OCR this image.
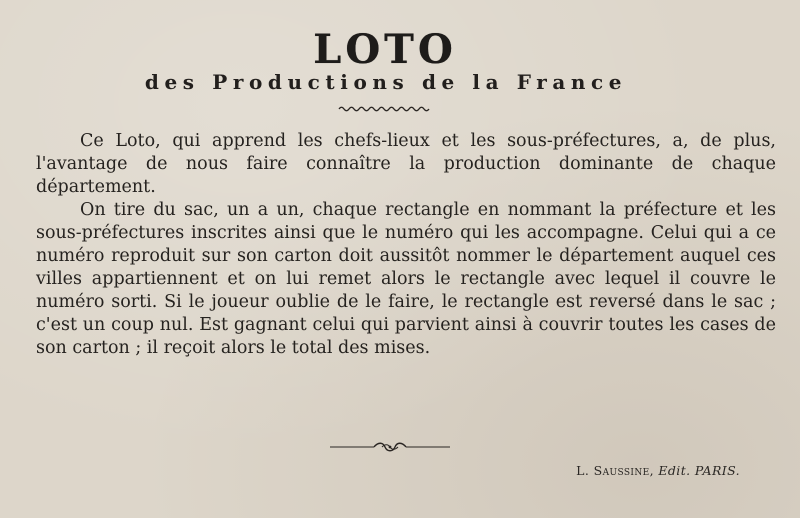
LOTO
des Productions de la France

Ce Loto, qui apprend les chefs-lieux et les sous-préfectures, a, de plus, l'avantage de nous faire connaître la production dominante de chaque département.

On tire du sac, un a un, chaque rectangle en nommant la préfecture et les sous-préfectures inscrites ainsi que le numéro qui les accompagne. Celui qui a ce numéro reproduit sur son carton doit aussitôt nommer le département auquel ces villes appartiennent et on lui remet alors le rectangle avec lequel il couvre le numéro sorti. Si le joueur oublie de le faire, le rectangle est reversé dans le sac ; c'est un coup nul. Est gagnant celui qui parvient ainsi à couvrir toutes les cases de son carton ; il reçoit alors le total des mises.

L. Saussine, Edit. PARIS.
